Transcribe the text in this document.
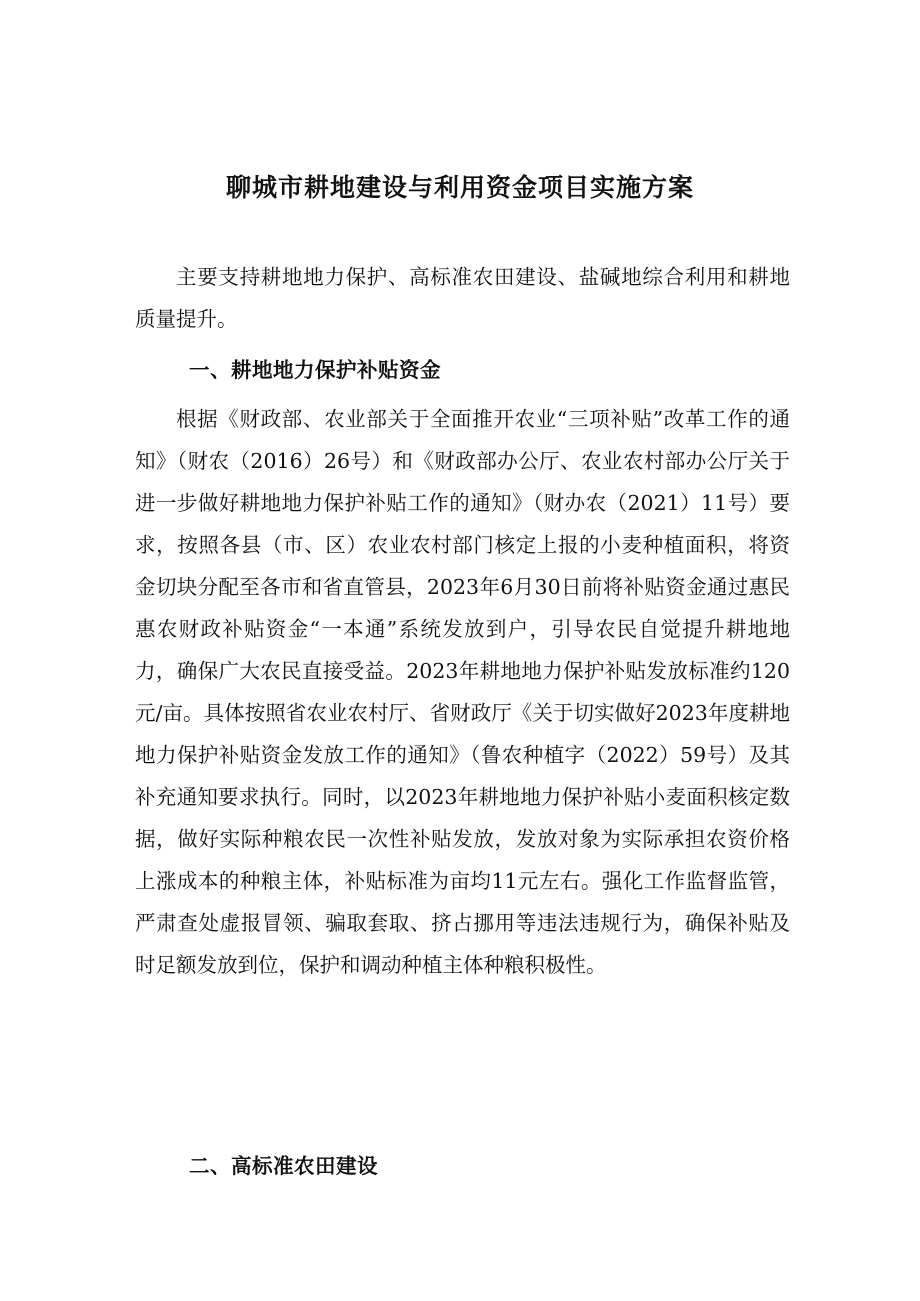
聊城市耕地建设与利用资金项目实施方案
主要支持耕地地力保护、高标准农田建设、盐碱地综合利用和耕地质量提升。
一、耕地地力保护补贴资金
根据《财政部、农业部关于全面推开农业“三项补贴”改革工作的通知》（财农（2016）26号）和《财政部办公厅、农业农村部办公厅关于进一步做好耕地地力保护补贴工作的通知》（财办农（2021）11号）要求，按照各县（市、区）农业农村部门核定上报的小麦种植面积，将资金切块分配至各市和省直管县，2023年6月30日前将补贴资金通过惠民惠农财政补贴资金“一本通”系统发放到户，引导农民自觉提升耕地地力，确保广大农民直接受益。2023年耕地地力保护补贴发放标准约120元/亩。具体按照省农业农村厅、省财政厅《关于切实做好2023年度耕地地力保护补贴资金发放工作的通知》（鲁农种植字（2022）59号）及其补充通知要求执行。同时，以2023年耕地地力保护补贴小麦面积核定数据，做好实际种粮农民一次性补贴发放，发放对象为实际承担农资价格上涨成本的种粮主体，补贴标准为亩均11元左右。强化工作监督监管，严肃查处虚报冒领、骗取套取、挤占挪用等违法违规行为，确保补贴及时足额发放到位，保护和调动种植主体种粮积极性。
二、高标准农田建设
